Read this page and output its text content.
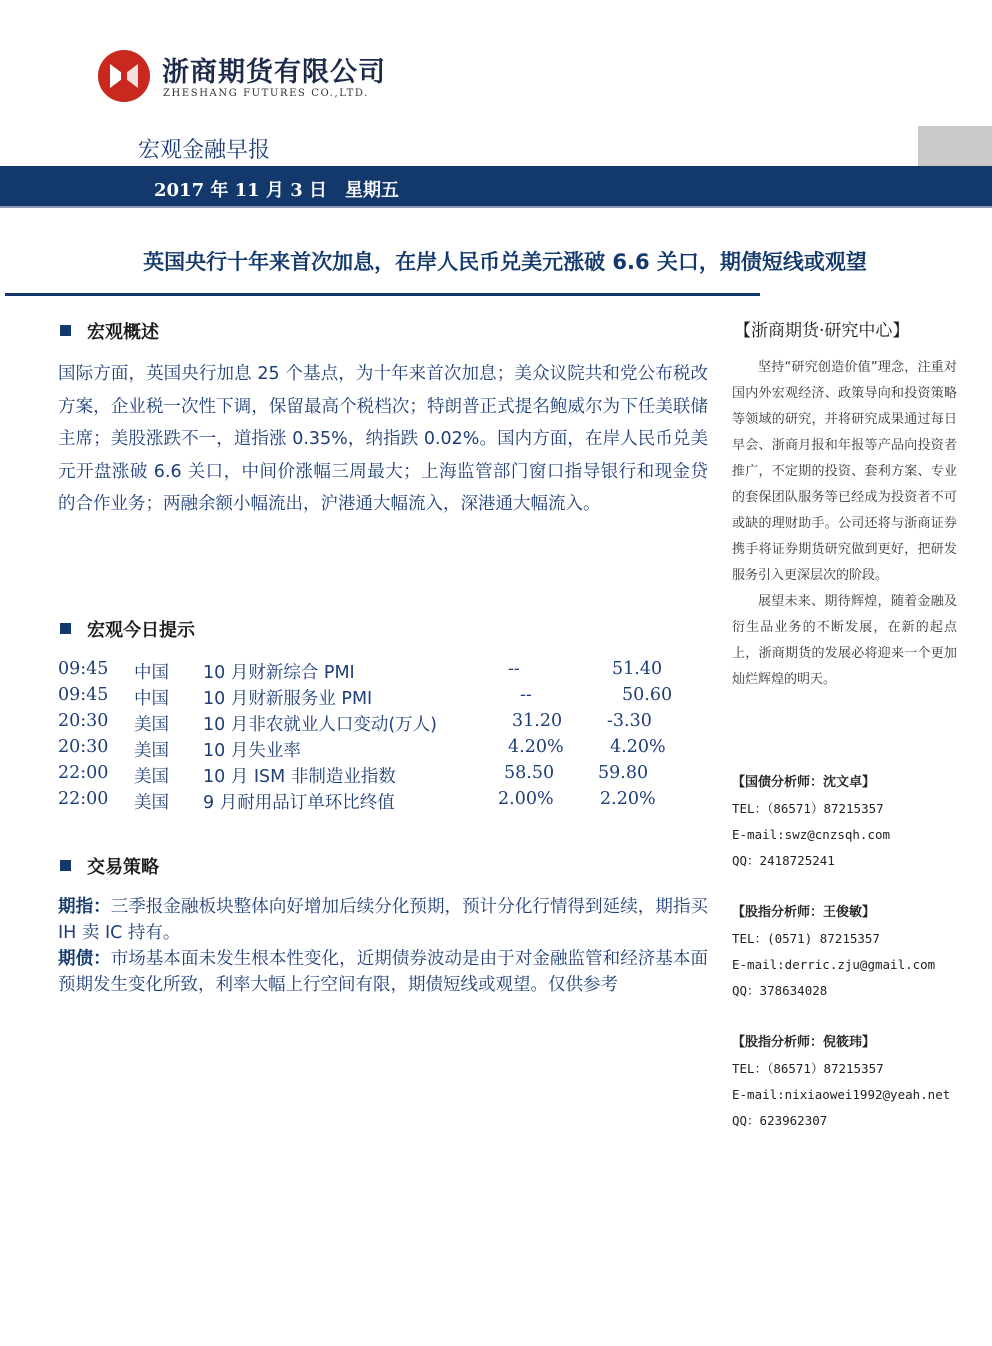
浙商期货有限公司
ZHESHANG FUTURES CO.,LTD.
宏观金融早报
2017 年 11 月 3 日　星期五
英国央行十年来首次加息，在岸人民币兑美元涨破 6.6 关口，期债短线或观望
宏观概述
国际方面，英国央行加息 25 个基点，为十年来首次加息；美众议院共和党公布税改方案，企业税一次性下调，保留最高个税档次；特朗普正式提名鲍威尔为下任美联储主席；美股涨跌不一，道指涨 0.35%，纳指跌 0.02%。国内方面，在岸人民币兑美元开盘涨破 6.6 关口，中间价涨幅三周最大；上海监管部门窗口指导银行和现金贷的合作业务；两融余额小幅流出，沪港通大幅流入，深港通大幅流入。
宏观今日提示
09:45 中国 10 月财新综合 PMI	--	51.40
09:45 中国 10 月财新服务业 PMI	--	50.60
20:30 美国 10 月非农就业人口变动(万人)	31.20	-3.30
20:30 美国 10 月失业率	4.20%	4.20%
22:00 美国 10 月 ISM 非制造业指数	58.50	59.80
22:00 美国 9 月耐用品订单环比终值	2.00%	2.20%
交易策略
期指：三季报金融板块整体向好增加后续分化预期，预计分化行情得到延续，期指买 IH 卖 IC 持有。
期债：市场基本面未发生根本性变化，近期债券波动是由于对金融监管和经济基本面预期发生变化所致，利率大幅上行空间有限，期债短线或观望。仅供参考
【浙商期货·研究中心】

坚持“研究创造价值”理念，注重对国内外宏观经济、政策导向和投资策略等领域的研究，并将研究成果通过每日早会、浙商月报和年报等产品向投资者推广，不定期的投资、套利方案、专业的套保团队服务等已经成为投资者不可或缺的理财助手。公司还将与浙商证券携手将证券期货研究做到更好，把研发服务引入更深层次的阶段。

展望未来、期待辉煌，随着金融及衍生品业务的不断发展，在新的起点上，浙商期货的发展必将迎来一个更加灿烂辉煌的明天。

【国债分析师：沈文卓】
TEL：（86571）87215357
E-mail:swz@cnzsqh.com
QQ：2418725241
【股指分析师：王俊敏】
TEL：(0571) 87215357
E-mail:derric.zju@gmail.com
QQ：378634028
【股指分析师：倪筱玮】
TEL：（86571）87215357
E-mail:nixiaowei1992@yeah.net
QQ：623962307
